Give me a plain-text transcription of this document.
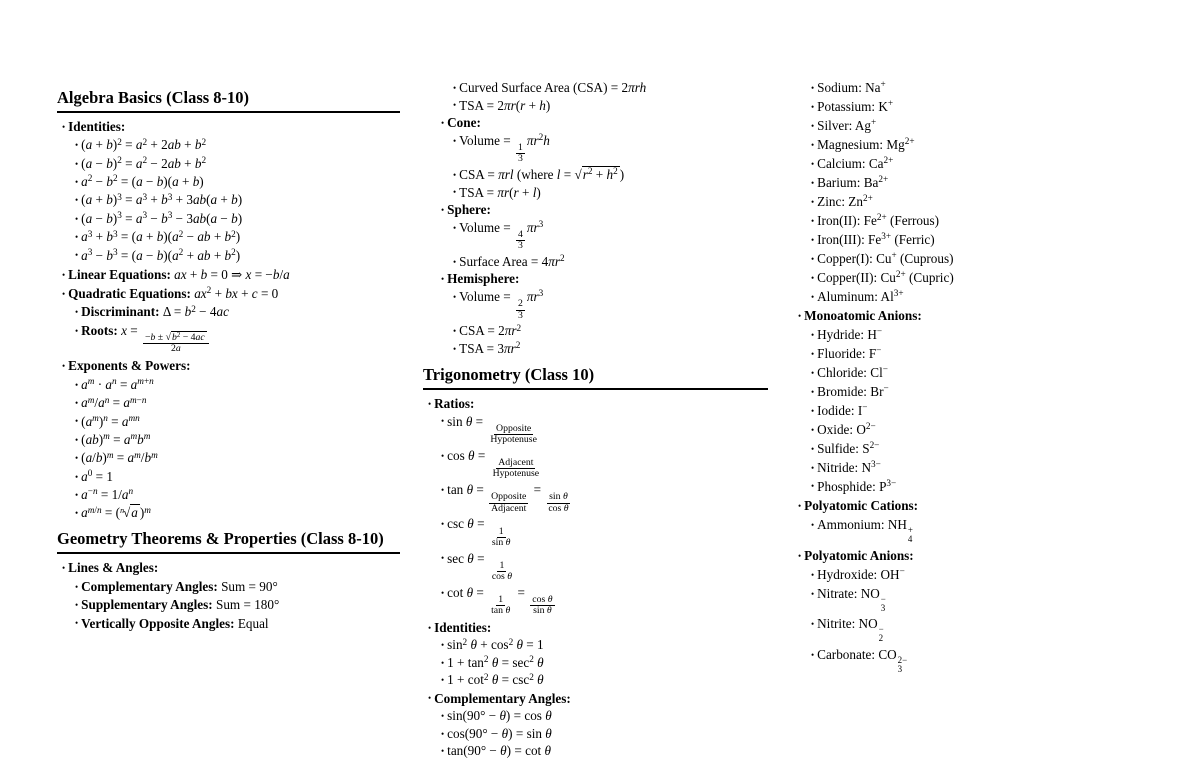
Algebra Basics (Class 8-10)
• Identities:
• $(a + b)^2 = a^2 + 2ab + b^2$
• $(a - b)^2 = a^2 - 2ab + b^2$
• $a^2 - b^2 = (a - b)(a + b)$
• $(a + b)^3 = a^3 + b^3 + 3ab(a + b)$
• $(a - b)^3 = a^3 - b^3 - 3ab(a - b)$
• $a^3 + b^3 = (a + b)(a^2$ − ab + $b^2$)
• $a^3 - b^3 = (a - b)(a^2$ + ab + $b^2$)
• Linear Equations: ax + b = 0 ⇒ x = −b/a
• Quadratic Equations: $ax^2$ + bx + c = 0
• Discriminant: $\Delta = b^2 - 4ac$
• Roots: x =
$\frac{-b \pm √b^2 - 4ac}{2a}$
• Exponents & Powers:
• $a^m \cdot a^n = a^{m+n}$
• $a^m/a^n = a^{m-n}$
• $(a^m)^n = a^{mn}$
• $(ab)^m = a^mb^m$
• $(a/b)^m = a^m/b^m$
• $a^0 = 1$
• $a^{-n} = 1/a^n$
• $a^{m/n} = (^n√a$ )$^m$
Geometry Theorems & Properties (Class 8-10)
• Lines & Angles:
• Complementary Angles: Sum = 90°
• Supplementary Angles: Sum = 180°
• Vertically Opposite Angles: Equal
• Curved Surface Area (CSA) = 2πrh
• TSA = 2πr(r + h)
• Cone:
• Volume =
$\frac{1}{3}$
$\pi r^2h$
• CSA = πrl (where $l = √r^2 + h^2$ )
• TSA = πr(r + l)
• Sphere:
• Volume =
$\frac{4}{3}$
$\pi r^3$
• Surface Area = $4\pi r^2$
• Hemisphere:
• Volume =
$\frac{2}{3}$
$\pi r^3$
• CSA = $2\pi r^2$
• TSA = $3\pi r^2$
Trigonometry (Class 10)
• Ratios:
• sin θ = Opposite
Hypotenuse
• cos θ = Adjacent
Hypotenuse
• tan θ = Opposite
Adjacent
=
$\frac{\text{sin θ}}{\text{cos θ}}$
• csc θ =
$\frac{1}{\text{sin θ}}$
• sec θ =
$\frac{1}{\text{cos θ}}$
• cot θ =
$\frac{1}{\text{tan θ}}$
=
$\frac{\text{cos θ}}{\text{sin θ}}$
• Identities:
• $\sin^2 \theta + \cos^2 \theta = 1$
• $1 + \tan^2 \theta = \sec^2 \theta$
• $1 + \cot^2 \theta = \csc^2 \theta$
• Complementary Angles:
• sin(90° − θ) = cos θ
• cos(90° − θ) = sin θ
• tan(90° − θ) = cot θ
• Sodium: Na+
• Potassium: K+
• Silver: Ag+
• Magnesium: $Mg^{2+}$
• Calcium: $Ca^{2+}$
• Barium: $Ba^{2+}$
• Zinc: $Zn^{2+}$
• Iron(II): $Fe^{2+}$ (Ferrous)
• Iron(III): $Fe^{3+}$ (Ferric)
• Copper(I): Cu+ (Cuprous)
• Copper(II): $Cu^{2+}$ (Cupric)
• Aluminum: $Al^{3+}$
• Monoatomic Anions:
• Hydride: H−
• Fluoride: F−
• Chloride: Cl−
• Bromide: Br−
• Iodide: I−
• Oxide: $O^{2-}$
• Sulfide: $S^{2-}$
• Nitride: $N^{3-}$
• Phosphide: $P^{3-}$
• Polyatomic Cations:
• Ammonium: NH +
4
• Polyatomic Anions:
• Hydroxide: OH−
• Nitrate: NO −
3
• Nitrite: NO −
2
• Carbonate: CO 2−
3
